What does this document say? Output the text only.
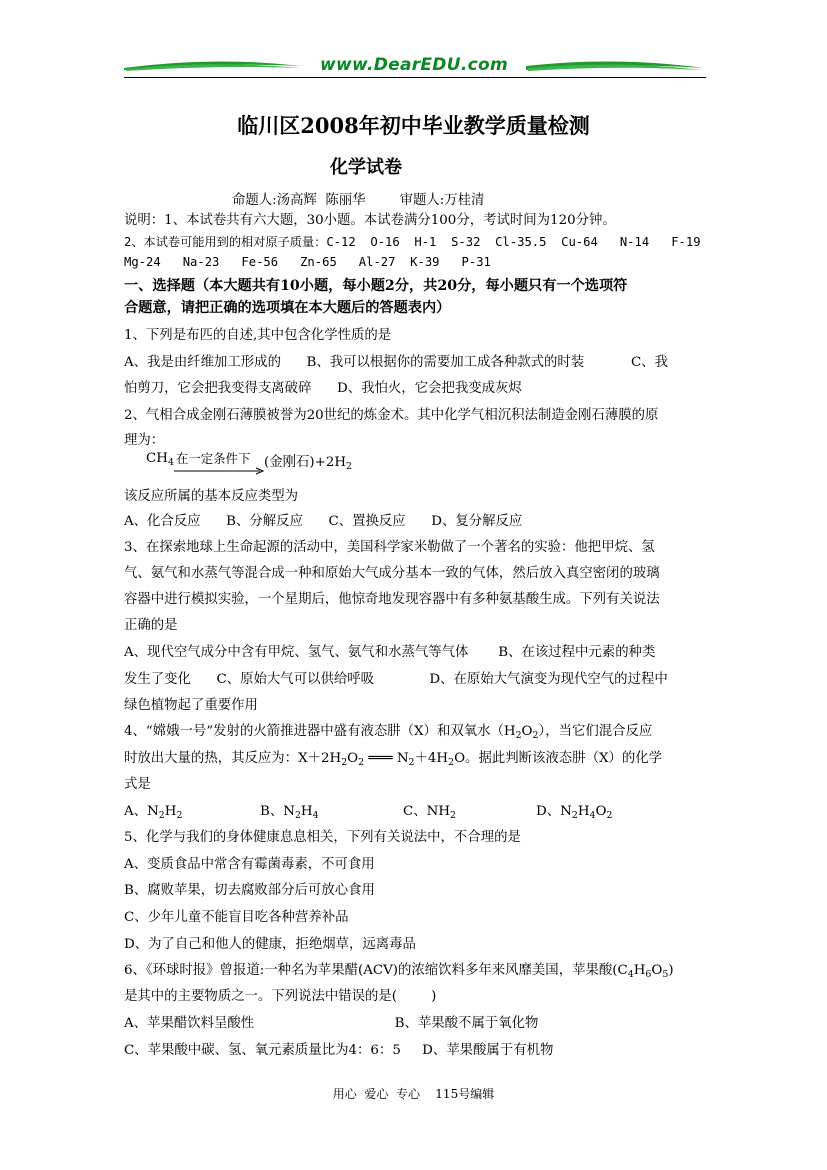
www.DearEDU.com
临川区2008年初中毕业教学质量检测
化学试卷
命题人:汤高辉  陈丽华        审题人:万桂清
说明：1、本试卷共有六大题，30小题。本试卷满分100分，考试时间为120分钟。
2、本试卷可能用到的相对原子质量：C-12  O-16  H-1  S-32  Cl-35.5  Cu-64   N-14   F-19
Mg-24   Na-23   Fe-56   Zn-65   Al-27  K-39   P-31
一、选择题（本大题共有10小题，每小题2分，共20分，每小题只有一个选项符
合题意，请把正确的选项填在本大题后的答题表内）
1、下列是布匹的自述,其中包含化学性质的是
A、我是由纤维加工形成的      B、我可以根据你的需要加工成各种款式的时装           C、我
怕剪刀，它会把我变得支离破碎      D、我怕火，它会把我变成灰烬
2、气相合成金刚石薄膜被誉为20世纪的炼金术。其中化学气相沉积法制造金刚石薄膜的原
理为：
$CH_4$ 在一定条件下 (金刚石)$+2H_2$
该反应所属的基本反应类型为
A、化合反应      B、分解反应      C、置换反应      D、复分解反应
3、在探索地球上生命起源的活动中，美国科学家米勒做了一个著名的实验：他把甲烷、氢
气、氨气和水蒸气等混合成一种和原始大气成分基本一致的气体，然后放入真空密闭的玻璃
容器中进行模拟实验，一个星期后，他惊奇地发现容器中有多种氨基酸生成。下列有关说法
正确的是
A、现代空气成分中含有甲烷、氢气、氨气和水蒸气等气体       B、在该过程中元素的种类
发生了变化      C、原始大气可以供给呼吸             D、在原始大气演变为现代空气的过程中
绿色植物起了重要作用
4、“嫦娥一号”发射的火箭推进器中盛有液态肼（X）和双氧水$(H_2O_2)$，当它们混合反应
时放出大量的热，其反应为：$X+2H_2O_2$ ═══ $N_2+4H_2O$。据此判断该液态肼（X）的化学
式是
A、$N_2H_2$	B、$N_2H_4$	C、$NH_2$	D、$N_2H_4O_2$
5、化学与我们的身体健康息息相关，下列有关说法中，不合理的是
A、变质食品中常含有霉菌毒素，不可食用
B、腐败苹果，切去腐败部分后可放心食用
C、少年儿童不能盲目吃各种营养补品
D、为了自己和他人的健康，拒绝烟草，远离毒品
6、《环球时报》曾报道:一种名为苹果醋(ACV)的浓缩饮料多年来风靡美国，苹果酸$(C_4H_6O_5)$
是其中的主要物质之一。下列说法中错误的是(        )
A、苹果醋饮料呈酸性                                 B、苹果酸不属于氧化物
C、苹果酸中碳、氢、氧元素质量比为4：6：5     D、苹果酸属于有机物
用心  爱心  专心    115号编辑
